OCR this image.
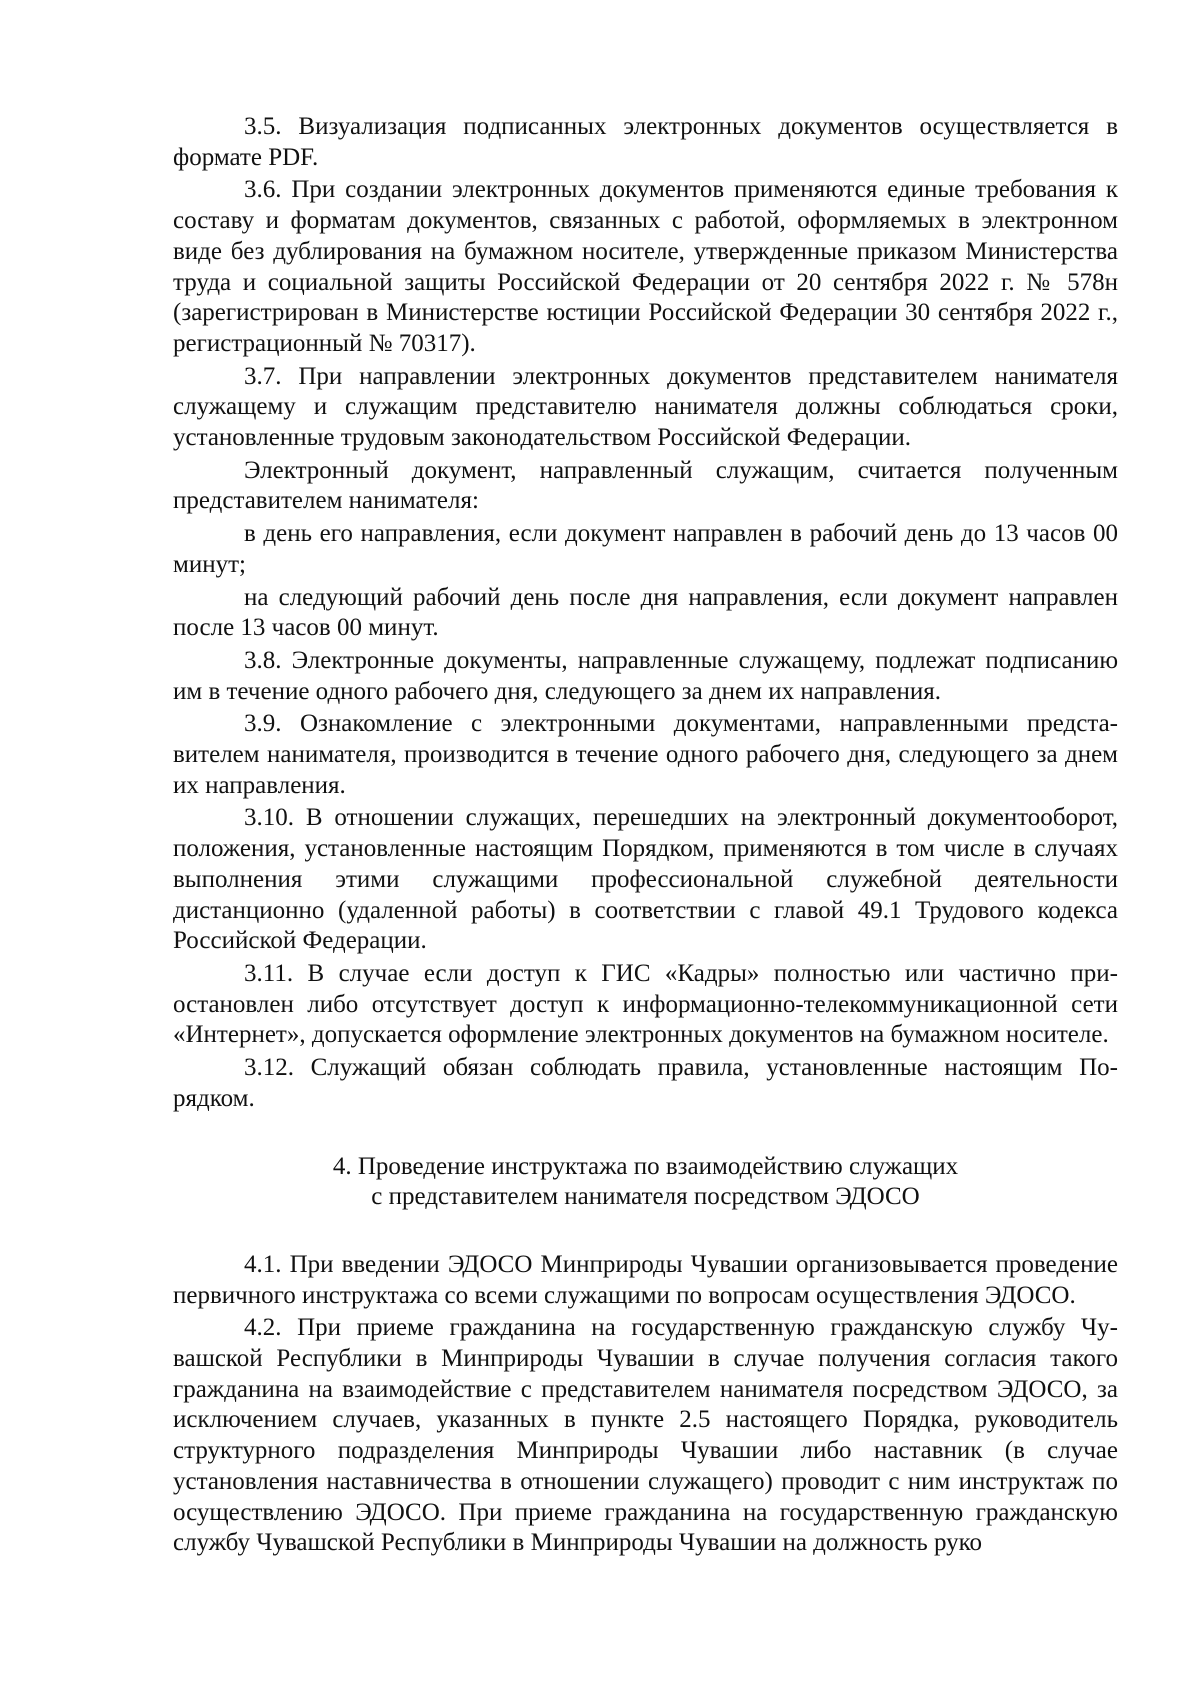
3.5. Визуализация подписанных электронных документов осуществляется в формате PDF.

3.6. При создании электронных документов применяются единые требования к составу и форматам документов, связанных с работой, оформляемых в электронном виде без дублирования на бумажном носителе, утвержденные приказом Министерства труда и социальной защиты Российской Федерации от 20 сентября 2022 г. № 578н (зарегистрирован в Министерстве юстиции Российской Федерации 30 сентября 2022 г., регистрационный № 70317).

3.7. При направлении электронных документов представителем нанимателя служащему и служащим представителю нанимателя должны соблюдаться сроки, установленные трудовым законодательством Российской Федерации.

Электронный документ, направленный служащим, считается полученным представителем нанимателя:

в день его направления, если документ направлен в рабочий день до 13 часов 00 минут;

на следующий рабочий день после дня направления, если документ направлен после 13 часов 00 минут.

3.8. Электронные документы, направленные служащему, подлежат подписанию им в течение одного рабочего дня, следующего за днем их направления.

3.9. Ознакомление с электронными документами, направленными представителем нанимателя, производится в течение одного рабочего дня, следующего за днем их направления.

3.10. В отношении служащих, перешедших на электронный документооборот, положения, установленные настоящим Порядком, применяются в том числе в случаях выполнения этими служащими профессиональной служебной деятельности дистанционно (удаленной работы) в соответствии с главой 49.1 Трудового кодекса Российской Федерации.

3.11. В случае если доступ к ГИС «Кадры» полностью или частично приостановлен либо отсутствует доступ к информационно-телекоммуникационной сети «Интернет», допускается оформление электронных документов на бумажном носителе.

3.12. Служащий обязан соблюдать правила, установленные настоящим Порядком.

4. Проведение инструктажа по взаимодействию служащих
с представителем нанимателя посредством ЭДОСО

4.1. При введении ЭДОСО Минприроды Чувашии организовывается проведение первичного инструктажа со всеми служащими по вопросам осуществления ЭДОСО.

4.2. При приеме гражданина на государственную гражданскую службу Чувашской Республики в Минприроды Чувашии в случае получения согласия такого гражданина на взаимодействие с представителем нанимателя посредством ЭДОСО, за исключением случаев, указанных в пункте 2.5 настоящего Порядка, руководитель структурного подразделения Минприроды Чувашии либо наставник (в случае установления наставничества в отношении служащего) проводит с ним инструктаж по осуществлению ЭДОСО. При приеме гражданина на государственную гражданскую службу Чувашской Республики в Минприроды Чувашии на должность руко
